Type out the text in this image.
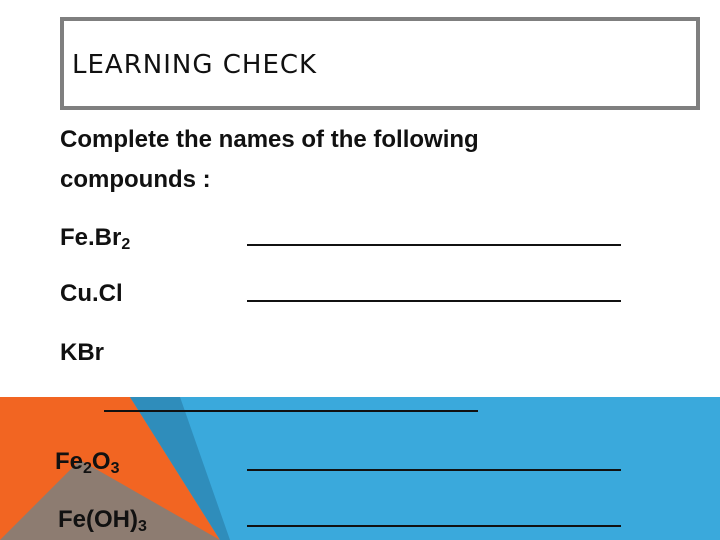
LEARNING CHECK
Complete the names of the following compounds :
$Fe.Br_2$
Cu.Cl
KBr
$Fe_2O_3$
$Fe(OH)_3$
